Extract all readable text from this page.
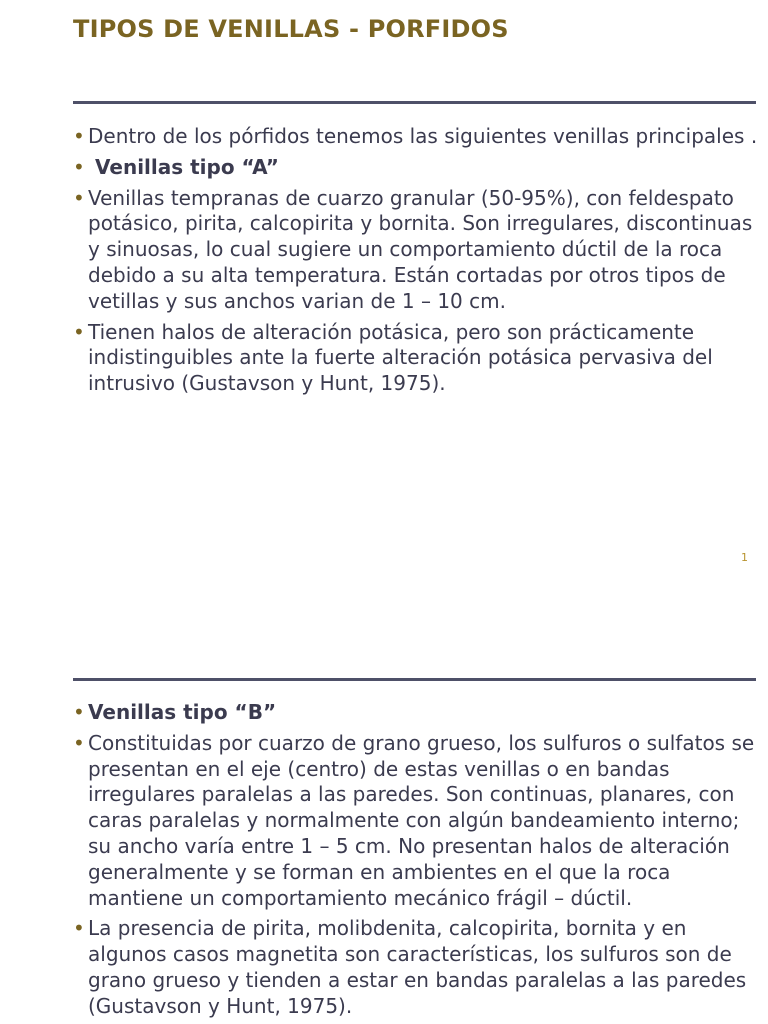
TIPOS DE VENILLAS - PORFIDOS
• Dentro de los pórfidos tenemos las siguientes venillas principales .
• Venillas tipo “A”
• Venillas tempranas de cuarzo granular (50-95%), con feldespato potásico, pirita, calcopirita y bornita. Son irregulares, discontinuas y sinuosas, lo cual sugiere un comportamiento dúctil de la roca debido a su alta temperatura. Están cortadas por otros tipos de vetillas y sus anchos varian de 1 – 10 cm.
• Tienen halos de alteración potásica, pero son prácticamente indistinguibles ante la fuerte alteración potásica pervasiva del intrusivo (Gustavson y Hunt, 1975).
1
• Venillas tipo “B”
• Constituidas por cuarzo de grano grueso, los sulfuros o sulfatos se presentan en el eje (centro) de estas venillas o en bandas irregulares paralelas a las paredes. Son continuas, planares, con caras paralelas y normalmente con algún bandeamiento interno; su ancho varía entre 1 – 5 cm. No presentan halos de alteración generalmente y se forman en ambientes en el que la roca mantiene un comportamiento mecánico frágil – dúctil.
• La presencia de pirita, molibdenita, calcopirita, bornita y en algunos casos magnetita son características, los sulfuros son de grano grueso y tienden a estar en bandas paralelas a las paredes (Gustavson y Hunt, 1975).
